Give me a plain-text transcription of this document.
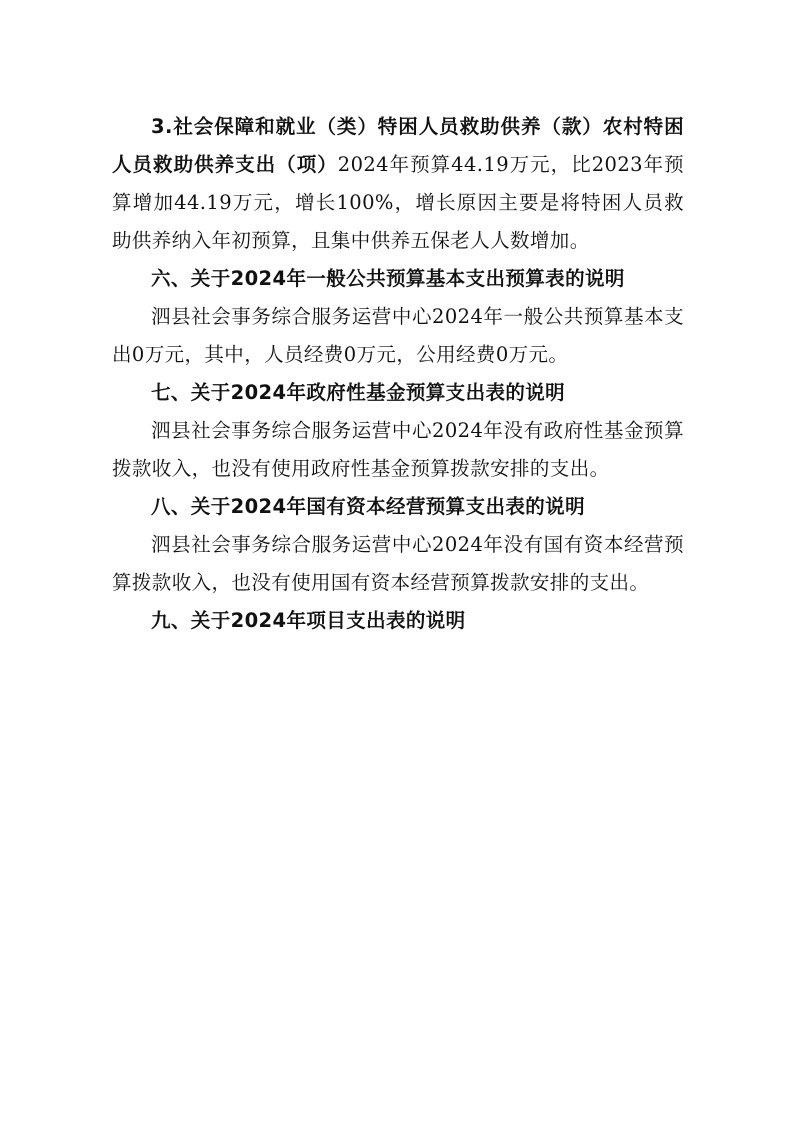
3.社会保障和就业（类）特困人员救助供养（款）农村特困人员救助供养支出（项）2024年预算44.19万元，比2023年预算增加44.19万元，增长100%，增长原因主要是将特困人员救助供养纳入年初预算，且集中供养五保老人人数增加。

六、关于2024年一般公共预算基本支出预算表的说明

泗县社会事务综合服务运营中心2024年一般公共预算基本支出0万元，其中，人员经费0万元，公用经费0万元。

七、关于2024年政府性基金预算支出表的说明

泗县社会事务综合服务运营中心2024年没有政府性基金预算拨款收入，也没有使用政府性基金预算拨款安排的支出。

八、关于2024年国有资本经营预算支出表的说明

泗县社会事务综合服务运营中心2024年没有国有资本经营预算拨款收入，也没有使用国有资本经营预算拨款安排的支出。

九、关于2024年项目支出表的说明
